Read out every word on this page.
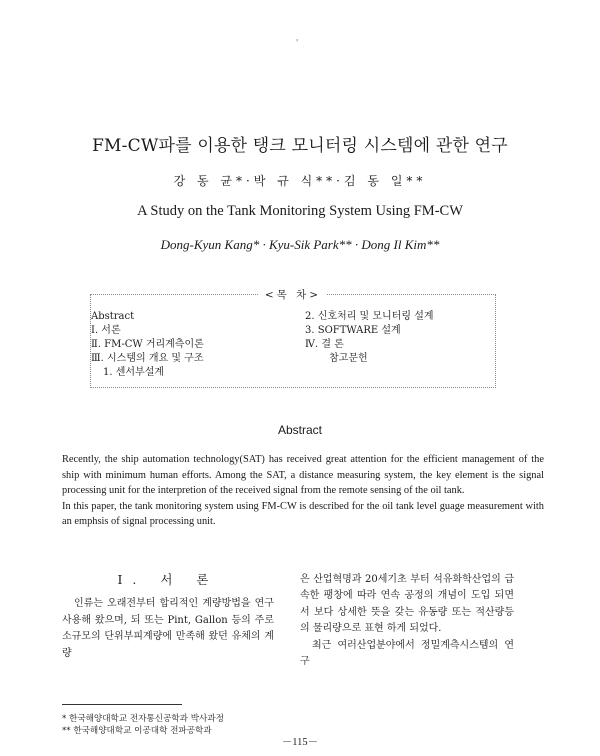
'
FM-CW파를 이용한 탱크 모니터링 시스템에 관한 연구
강 동 균*·박 규 식**·김 동 일**
A Study on the Tank Monitoring System Using FM-CW
Dong-Kyun Kang* · Kyu-Sik Park** · Dong Il Kim**
<목 차>
Abstract
Ⅰ. 서론
Ⅱ. FM-CW 거리계측이론
Ⅲ. 시스템의 개요 및 구조
1. 센서부설계
2. 신호처리 및 모니터링 설계
3. SOFTWARE 설계
Ⅳ. 결 론
참고문헌
Abstract

Recently, the ship automation technology(SAT) has received great attention for the efficient management of the ship with minimum human efforts. Among the SAT, a distance measuring system, the key element is the signal processing unit for the interpretion of the received signal from the remote sensing of the oil tank.

In this paper, the tank monitoring system using FM-CW is described for the oil tank level guage measurement with an emphsis of signal processing unit.

Ⅰ. 서 론
인류는 오래전부터 합리적인 계량방법을 연구 사용해 왔으며, 되 또는 Pint, Gallon 등의 주로 소규모의 단위부피계량에 만족해 왔던 유체의 계량
은 산업혁명과 20세기초 부터 석유화학산업의 급속한 팽창에 따라 연속 공정의 개념이 도입 되면서 보다 상세한 뜻을 갖는 유동량 또는 적산량등의 물리량으로 표현 하게 되었다.
최근 여러산업분야에서 정밀계측시스템의 연구
* 한국해양대학교 전자통신공학과 박사과정
** 한국해양대학교 이공대학 전파공학과
－115－
